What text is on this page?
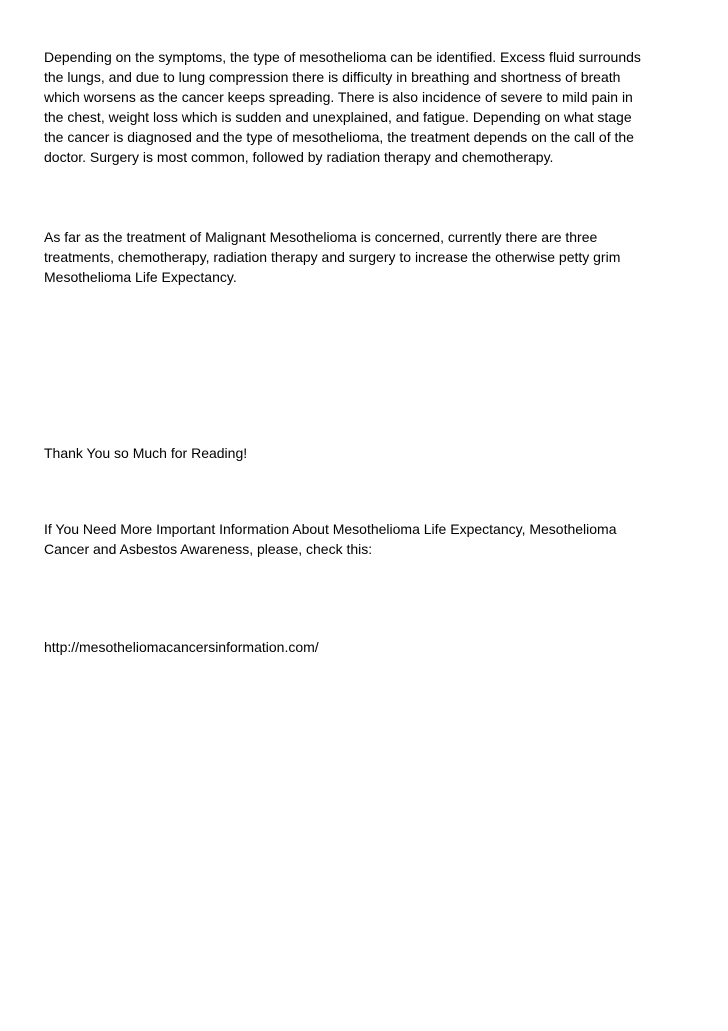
Depending on the symptoms, the type of mesothelioma can be identified. Excess fluid surrounds
the lungs, and due to lung compression there is difficulty in breathing and shortness of breath
which worsens as the cancer keeps spreading. There is also incidence of severe to mild pain in
the chest, weight loss which is sudden and unexplained, and fatigue. Depending on what stage
the cancer is diagnosed and the type of mesothelioma, the treatment depends on the call of the
doctor. Surgery is most common, followed by radiation therapy and chemotherapy.

As far as the treatment of Malignant Mesothelioma is concerned, currently there are three
treatments, chemotherapy, radiation therapy and surgery to increase the otherwise petty grim
Mesothelioma Life Expectancy.

Thank You so Much for Reading!

If You Need More Important Information About Mesothelioma Life Expectancy, Mesothelioma
Cancer and Asbestos Awareness, please, check this:

http://mesotheliomacancersinformation.com/
